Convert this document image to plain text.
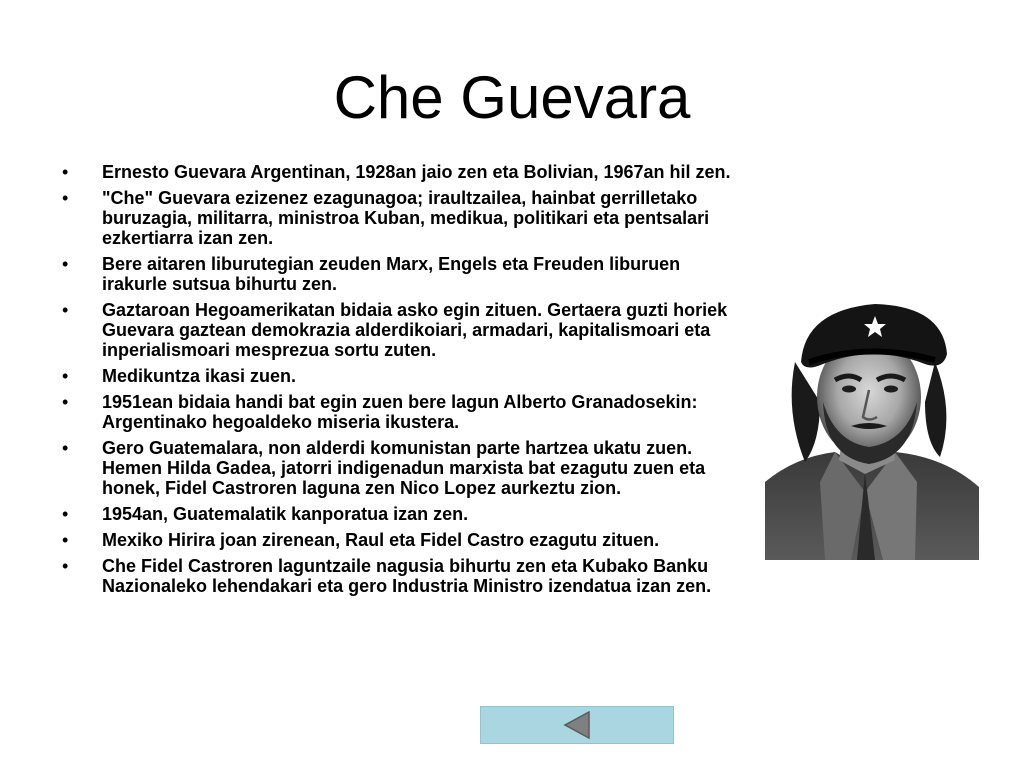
Che Guevara
• Ernesto Guevara Argentinan, 1928an jaio zen eta Bolivian, 1967an hil zen.
• "Che" Guevara ezizenez ezagunagoa; iraultzailea, hainbat gerrilletako buruzagia, militarra, ministroa Kuban, medikua, politikari eta pentsalari ezkertiarra izan zen.
• Bere aitaren liburutegian zeuden Marx, Engels eta Freuden liburuen irakurle sutsua bihurtu zen.
• Gaztaroan Hegoamerikatan bidaia asko egin zituen. Gertaera guzti horiek Guevara gaztean demokrazia alderdikoiari, armadari, kapitalismoari eta inperialismoari mesprezua sortu zuten.
• Medikuntza ikasi zuen.
• 1951ean bidaia handi bat egin zuen bere lagun Alberto Granadosekin: Argentinako hegoaldeko miseria ikustera.
• Gero Guatemalara, non alderdi komunistan parte hartzea ukatu zuen. Hemen Hilda Gadea, jatorri indigenadun marxista bat ezagutu zuen eta honek, Fidel Castroren laguna zen Nico Lopez aurkeztu zion.
• 1954an, Guatemalatik kanporatua izan zen.
• Mexiko Hirira joan zirenean, Raul eta Fidel Castro ezagutu zituen.
• Che Fidel Castroren laguntzaile nagusia bihurtu zen eta Kubako Banku Nazionaleko lehendakari eta gero Industria Ministro izendatua izan zen.
